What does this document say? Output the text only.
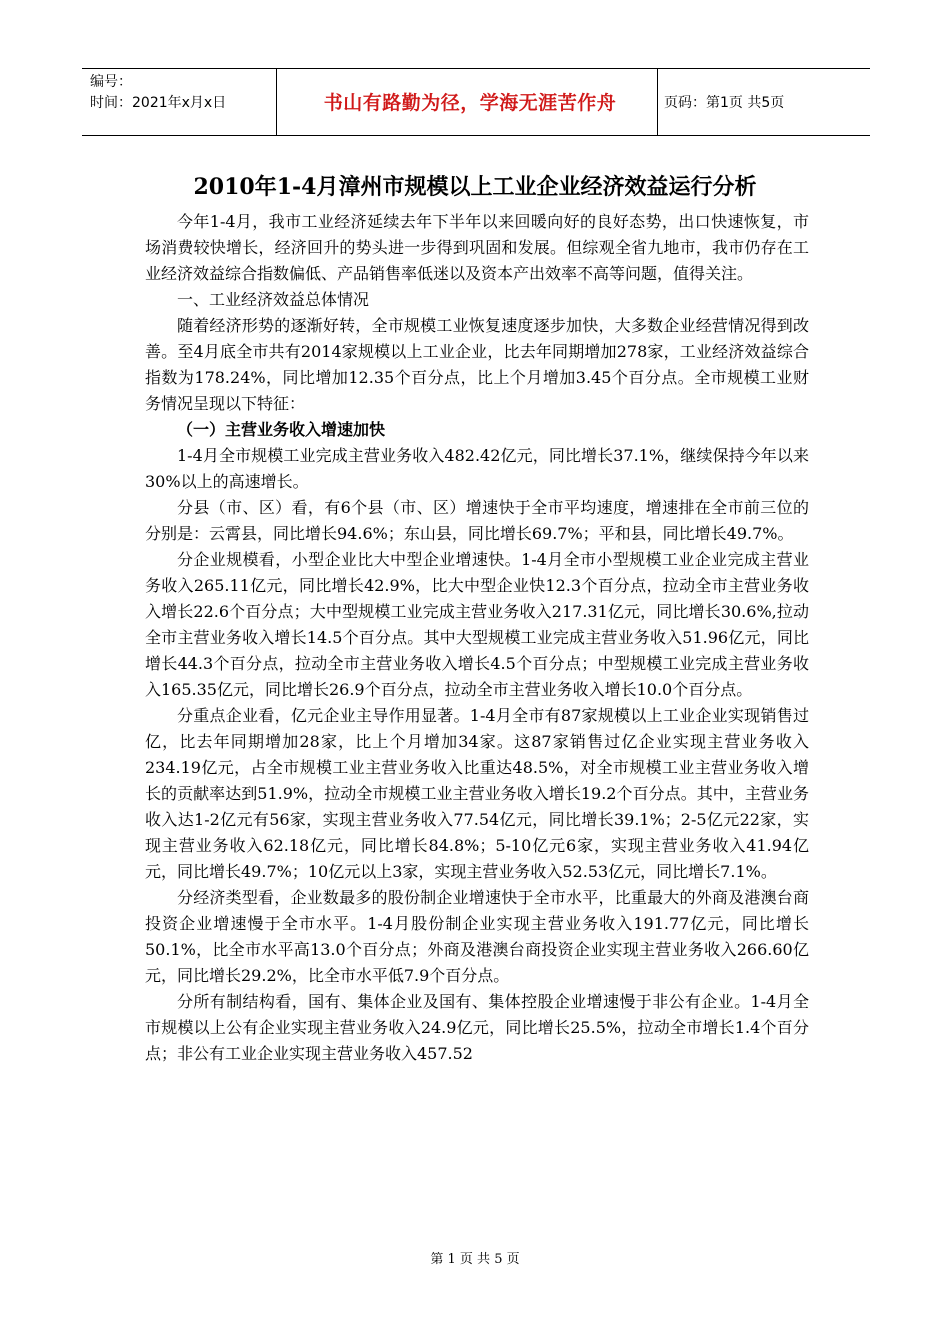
编号：
时间：2021年x月x日	书山有路勤为径，学海无涯苦作舟	页码：第1页 共5页
2010年1-4月漳州市规模以上工业企业经济效益运行分析

今年1-4月，我市工业经济延续去年下半年以来回暖向好的良好态势，出口快速恢复，市场消费较快增长，经济回升的势头进一步得到巩固和发展。但综观全省九地市，我市仍存在工业经济效益综合指数偏低、产品销售率低迷以及资本产出效率不高等问题，值得关注。

一、工业经济效益总体情况

随着经济形势的逐渐好转，全市规模工业恢复速度逐步加快，大多数企业经营情况得到改善。至4月底全市共有2014家规模以上工业企业，比去年同期增加278家，工业经济效益综合指数为178.24%，同比增加12.35个百分点，比上个月增加3.45个百分点。全市规模工业财务情况呈现以下特征：

（一）主营业务收入增速加快

1-4月全市规模工业完成主营业务收入482.42亿元，同比增长37.1%，继续保持今年以来30%以上的高速增长。

分县（市、区）看，有6个县（市、区）增速快于全市平均速度，增速排在全市前三位的分别是：云霄县，同比增长94.6%；东山县，同比增长69.7%；平和县，同比增长49.7%。

分企业规模看，小型企业比大中型企业增速快。1-4月全市小型规模工业企业完成主营业务收入265.11亿元，同比增长42.9%，比大中型企业快12.3个百分点，拉动全市主营业务收入增长22.6个百分点；大中型规模工业完成主营业务收入217.31亿元，同比增长30.6%,拉动全市主营业务收入增长14.5个百分点。其中大型规模工业完成主营业务收入51.96亿元，同比增长44.3个百分点，拉动全市主营业务收入增长4.5个百分点；中型规模工业完成主营业务收入165.35亿元，同比增长26.9个百分点，拉动全市主营业务收入增长10.0个百分点。

分重点企业看，亿元企业主导作用显著。1-4月全市有87家规模以上工业企业实现销售过亿，比去年同期增加28家，比上个月增加34家。这87家销售过亿企业实现主营业务收入234.19亿元，占全市规模工业主营业务收入比重达48.5%，对全市规模工业主营业务收入增长的贡献率达到51.9%，拉动全市规模工业主营业务收入增长19.2个百分点。其中，主营业务收入达1-2亿元有56家，实现主营业务收入77.54亿元，同比增长39.1%；2-5亿元22家，实现主营业务收入62.18亿元，同比增长84.8%；5-10亿元6家，实现主营业务收入41.94亿元，同比增长49.7%；10亿元以上3家，实现主营业务收入52.53亿元，同比增长7.1%。

分经济类型看，企业数最多的股份制企业增速快于全市水平，比重最大的外商及港澳台商投资企业增速慢于全市水平。1-4月股份制企业实现主营业务收入191.77亿元，同比增长50.1%，比全市水平高13.0个百分点；外商及港澳台商投资企业实现主营业务收入266.60亿元，同比增长29.2%，比全市水平低7.9个百分点。

分所有制结构看，国有、集体企业及国有、集体控股企业增速慢于非公有企业。1-4月全市规模以上公有企业实现主营业务收入24.9亿元，同比增长25.5%，拉动全市增长1.4个百分点；非公有工业企业实现主营业务收入457.52

第 1 页 共 5 页
